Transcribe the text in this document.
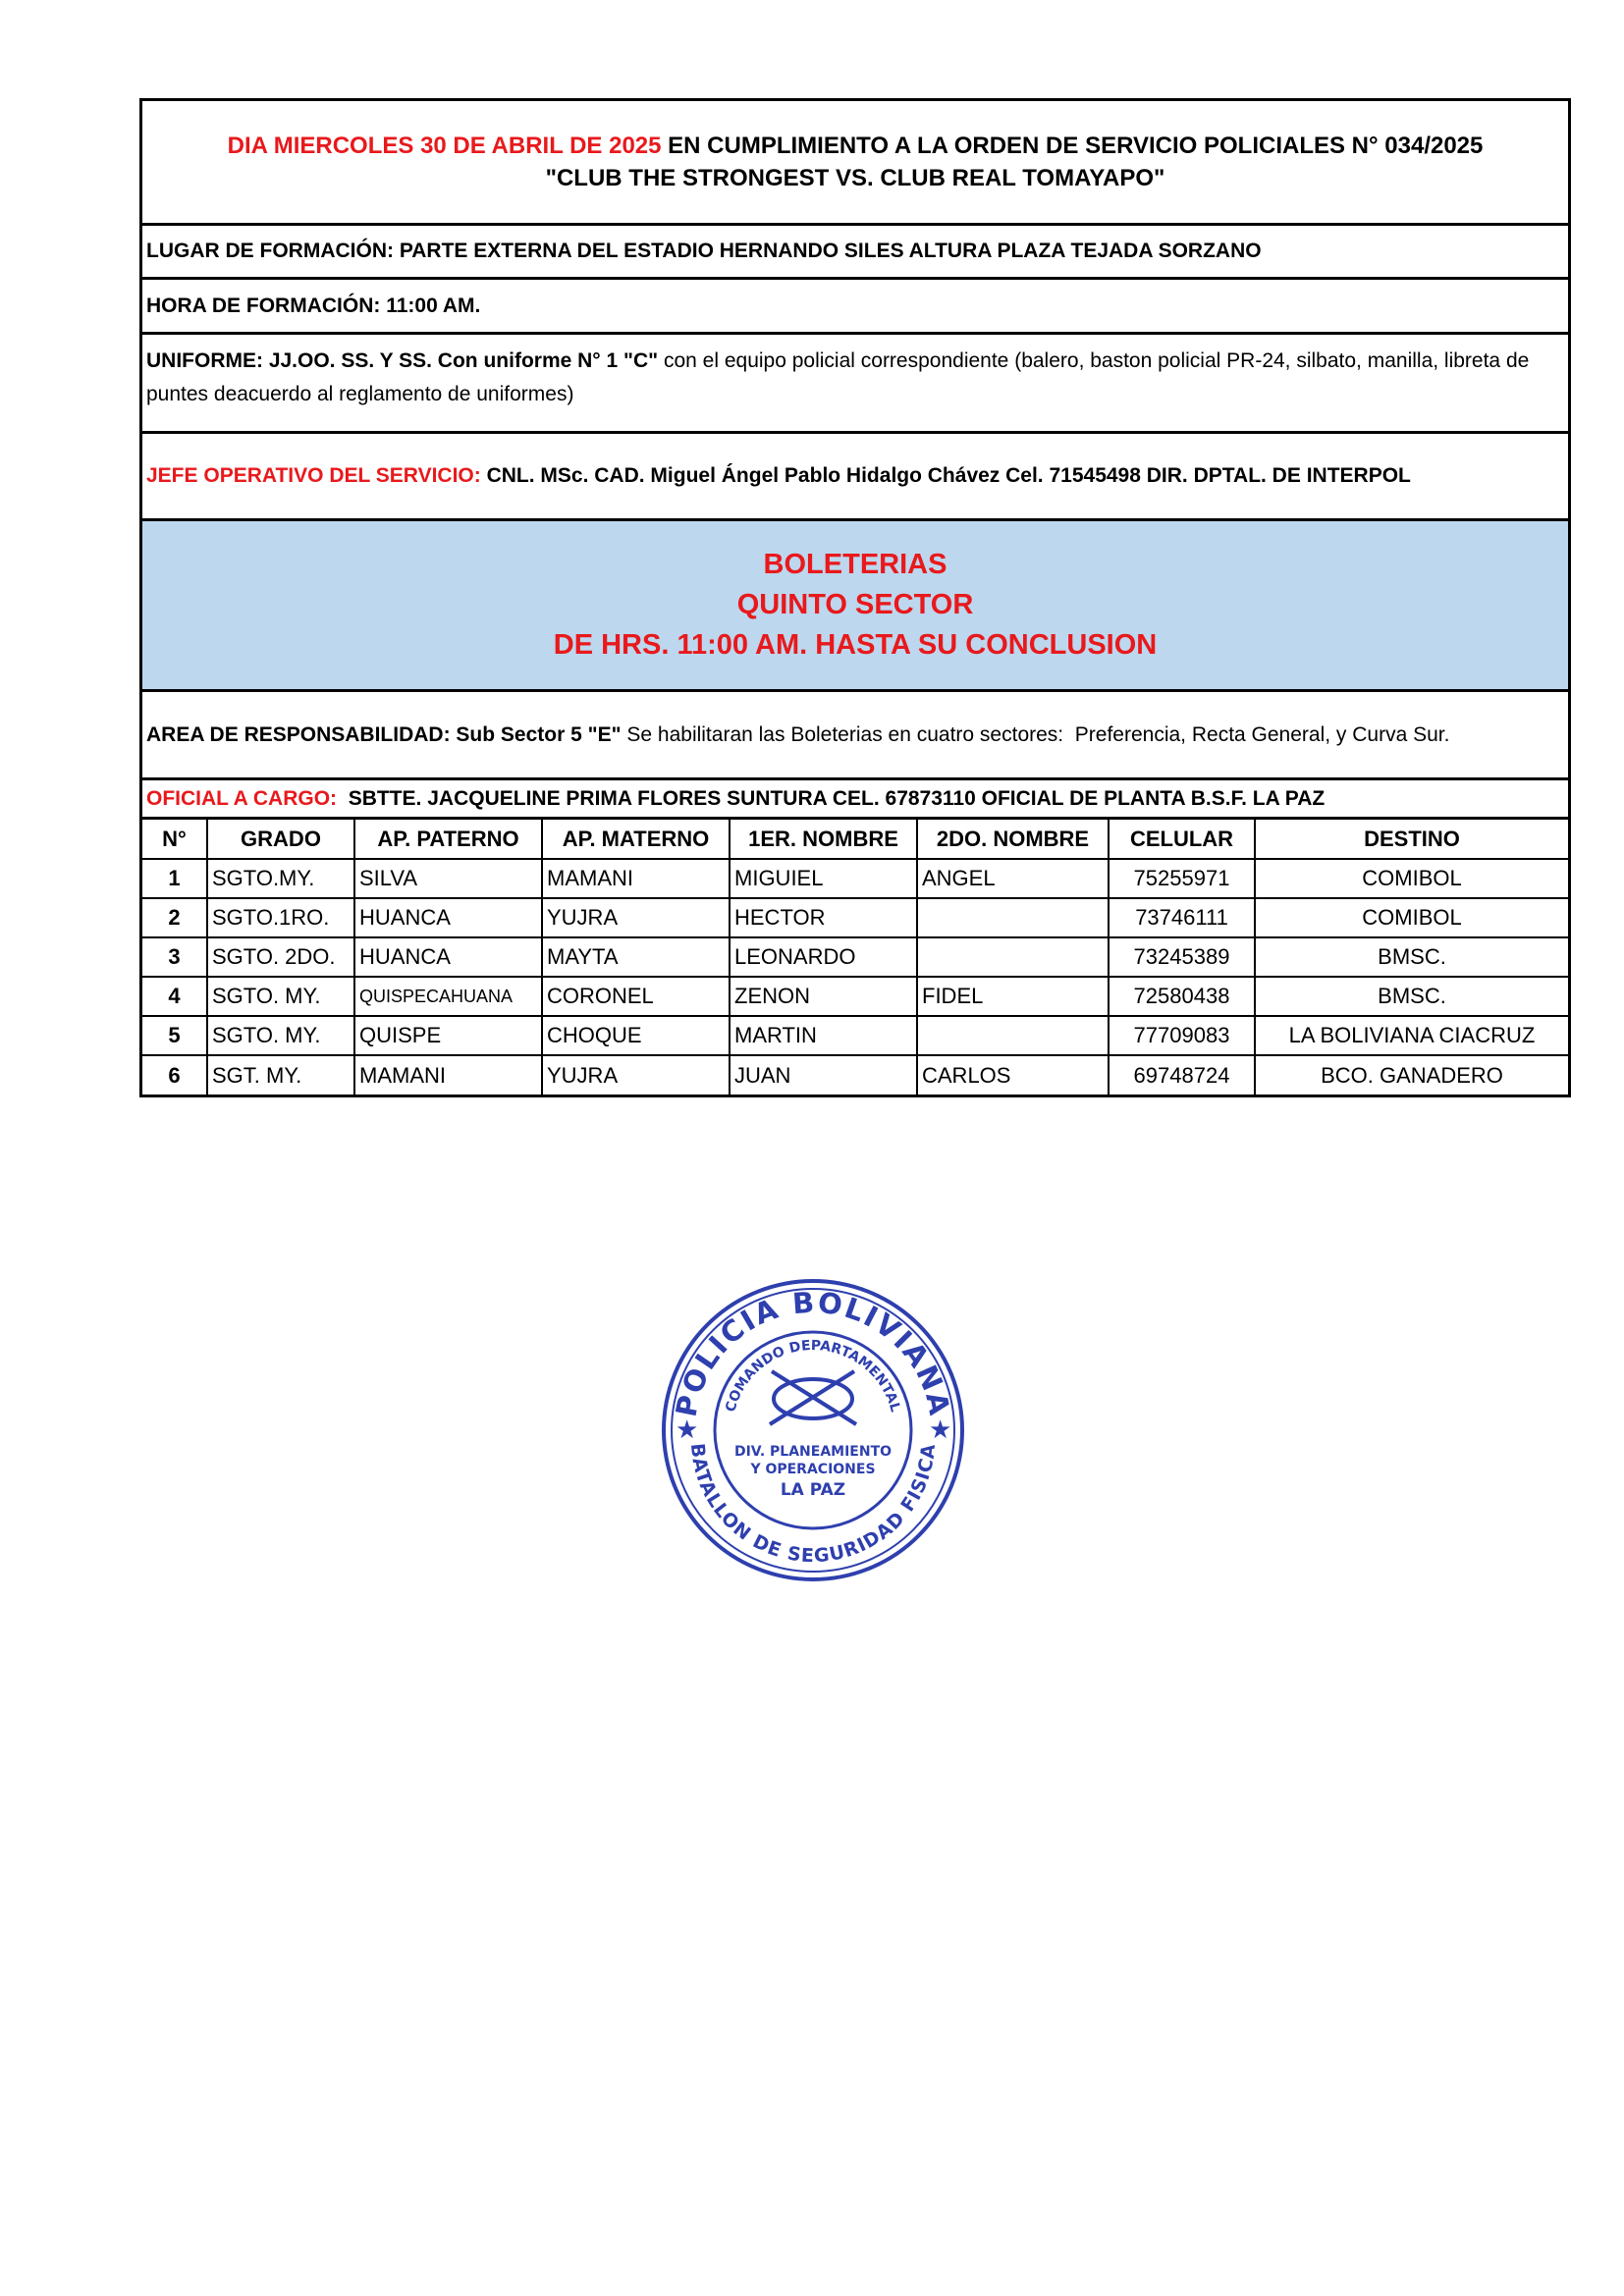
DIA MIERCOLES 30 DE ABRIL DE 2025 EN CUMPLIMIENTO A LA ORDEN DE SERVICIO POLICIALES N° 034/2025
"CLUB THE STRONGEST VS. CLUB REAL TOMAYAPO"
LUGAR DE FORMACIÓN: PARTE EXTERNA DEL ESTADIO HERNANDO SILES ALTURA PLAZA TEJADA SORZANO
HORA DE FORMACIÓN: 11:00 AM.
UNIFORME: JJ.OO. SS. Y SS. Con uniforme N° 1 "C" con el equipo policial correspondiente (balero, baston policial PR-24, silbato, manilla, libreta de puntes deacuerdo al reglamento de uniformes)
JEFE OPERATIVO DEL SERVICIO: CNL. MSc. CAD. Miguel Ángel Pablo Hidalgo Chávez Cel. 71545498 DIR. DPTAL. DE INTERPOL
BOLETERIAS
QUINTO SECTOR
DE HRS. 11:00 AM. HASTA SU CONCLUSION
AREA DE RESPONSABILIDAD: Sub Sector 5 "E" Se habilitaran las Boleterias en cuatro sectores:  Preferencia, Recta General, y Curva Sur.
OFICIAL A CARGO: SBTTE. JACQUELINE PRIMA FLORES SUNTURA CEL. 67873110 OFICIAL DE PLANTA B.S.F. LA PAZ
N°	GRADO	AP. PATERNO	AP. MATERNO	1ER. NOMBRE	2DO. NOMBRE	CELULAR	DESTINO
1	SGTO.MY.	SILVA	MAMANI	MIGUIEL	ANGEL	75255971	COMIBOL
2	SGTO.1RO.	HUANCA	YUJRA	HECTOR		73746111	COMIBOL
3	SGTO. 2DO.	HUANCA	MAYTA	LEONARDO		73245389	BMSC.
4	SGTO. MY.	QUISPECAHUANA	CORONEL	ZENON	FIDEL	72580438	BMSC.
5	SGTO. MY.	QUISPE	CHOQUE	MARTIN		77709083	LA BOLIVIANA CIACRUZ
6	SGT. MY.	MAMANI	YUJRA	JUAN	CARLOS	69748724	BCO. GANADERO
POLICIA BOLIVIANA
BATALLON DE SEGURIDAD FISICA
COMANDO DEPARTAMENTAL
★	★
DIV. PLANEAMIENTO
Y OPERACIONES
LA PAZ
